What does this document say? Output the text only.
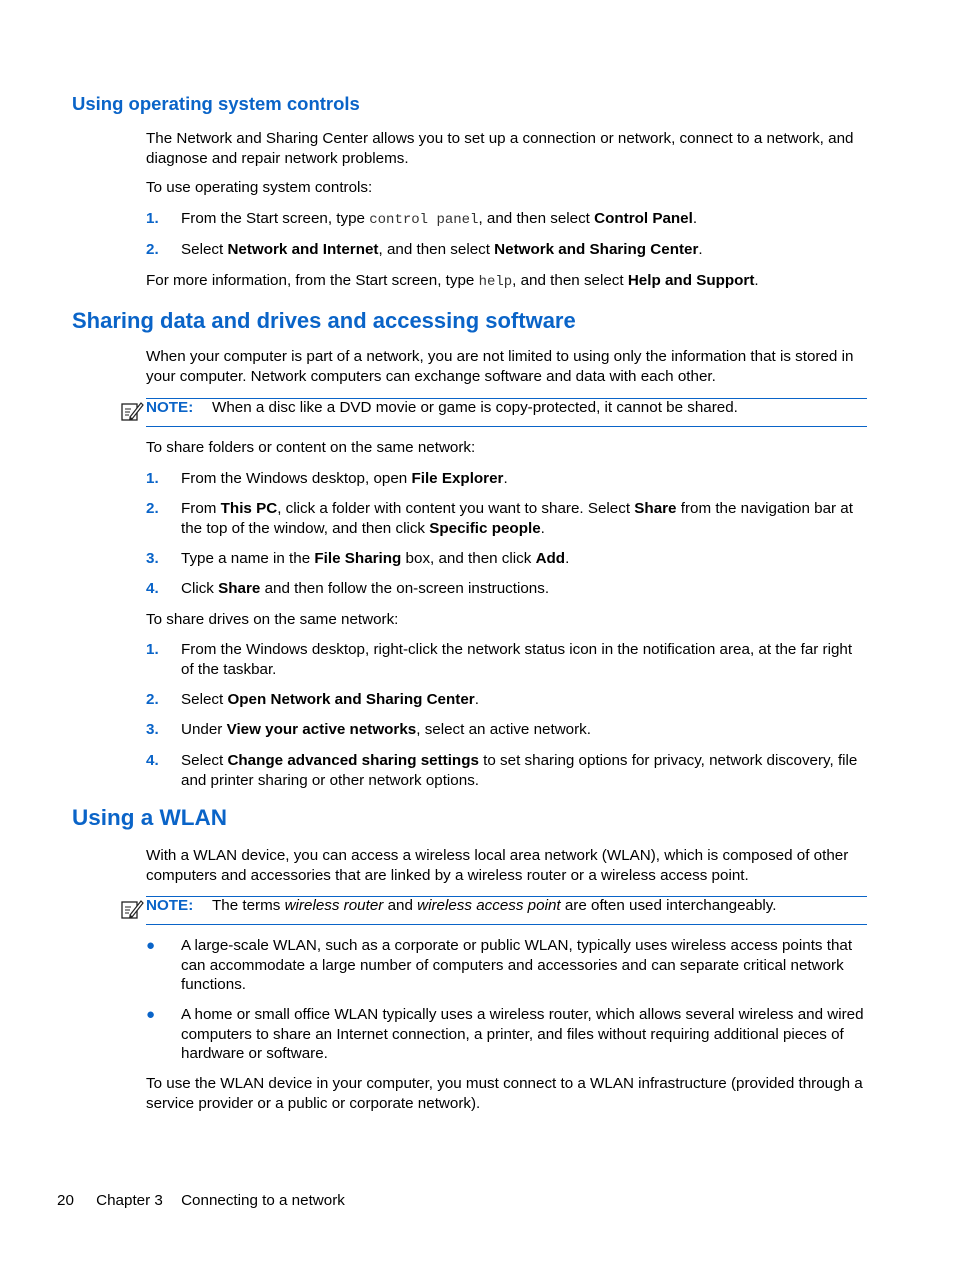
Using operating system controls

The Network and Sharing Center allows you to set up a connection or network, connect to a network, and diagnose and repair network problems.

To use operating system controls:

1. From the Start screen, type control panel, and then select Control Panel.
2. Select Network and Internet, and then select Network and Sharing Center.

For more information, from the Start screen, type help, and then select Help and Support.

Sharing data and drives and accessing software

When your computer is part of a network, you are not limited to using only the information that is stored in your computer. Network computers can exchange software and data with each other.

NOTE: When a disc like a DVD movie or game is copy-protected, it cannot be shared.

To share folders or content on the same network:

1. From the Windows desktop, open File Explorer.
2. From This PC, click a folder with content you want to share. Select Share from the navigation bar at the top of the window, and then click Specific people.
3. Type a name in the File Sharing box, and then click Add.
4. Click Share and then follow the on-screen instructions.

To share drives on the same network:

1. From the Windows desktop, right-click the network status icon in the notification area, at the far right of the taskbar.
2. Select Open Network and Sharing Center.
3. Under View your active networks, select an active network.
4. Select Change advanced sharing settings to set sharing options for privacy, network discovery, file and printer sharing or other network options.
Using a WLAN

With a WLAN device, you can access a wireless local area network (WLAN), which is composed of other computers and accessories that are linked by a wireless router or a wireless access point.

NOTE: The terms wireless router and wireless access point are often used interchangeably.
● A large-scale WLAN, such as a corporate or public WLAN, typically uses wireless access points that can accommodate a large number of computers and accessories and can separate critical network functions.
● A home or small office WLAN typically uses a wireless router, which allows several wireless and wired computers to share an Internet connection, a printer, and files without requiring additional pieces of hardware or software.

To use the WLAN device in your computer, you must connect to a WLAN infrastructure (provided through a service provider or a public or corporate network).

20 Chapter 3 Connecting to a network
